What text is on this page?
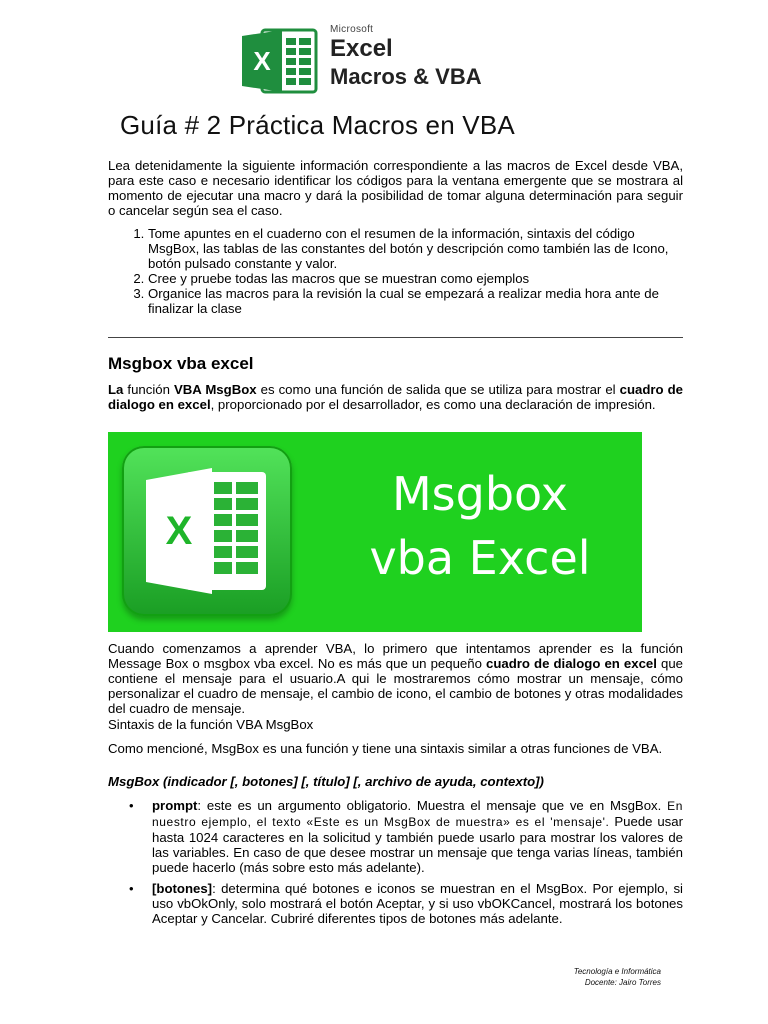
X
Microsoft
Excel
Macros & VBA
Guía # 2 Práctica Macros en VBA
Lea detenidamente la siguiente información correspondiente a las macros de Excel desde VBA, para este caso e necesario identificar los códigos para la ventana emergente que se mostrara al momento de ejecutar una macro y dará la posibilidad de tomar alguna determinación para seguir o cancelar según sea el caso.
1. Tome apuntes en el cuaderno con el resumen de la información, sintaxis del código MsgBox, las tablas de las constantes del botón y descripción como también las de Icono, botón pulsado constante y valor.
2. Cree y pruebe todas las macros que se muestran como ejemplos
3. Organice las macros para la revisión la cual se empezará a realizar media hora ante de finalizar la clase
Msgbox vba excel
La función VBA MsgBox es como una función de salida que se utiliza para mostrar el cuadro de dialogo en excel, proporcionado por el desarrollador, es como una declaración de impresión.
X
Msgbox
vba Excel
Cuando comenzamos a aprender VBA, lo primero que intentamos aprender es la función Message Box o msgbox vba excel. No es más que un pequeño cuadro de dialogo en excel que contiene el mensaje para el usuario.A qui le mostraremos cómo mostrar un mensaje, cómo personalizar el cuadro de mensaje, el cambio de icono, el cambio de botones y otras modalidades del cuadro de mensaje.
Sintaxis de la función VBA MsgBox
Como mencioné, MsgBox es una función y tiene una sintaxis similar a otras funciones de VBA.
MsgBox (indicador [, botones] [, título] [, archivo de ayuda, contexto])
• prompt: este es un argumento obligatorio. Muestra el mensaje que ve en MsgBox. En nuestro ejemplo, el texto «Este es un MsgBox de muestra» es el 'mensaje'. Puede usar hasta 1024 caracteres en la solicitud y también puede usarlo para mostrar los valores de las variables. En caso de que desee mostrar un mensaje que tenga varias líneas, también puede hacerlo (más sobre esto más adelante).
• [botones]: determina qué botones e iconos se muestran en el MsgBox. Por ejemplo, si uso vbOkOnly, solo mostrará el botón Aceptar, y si uso vbOKCancel, mostrará los botones Aceptar y Cancelar. Cubriré diferentes tipos de botones más adelante.
Tecnología e Informática
Docente: Jairo Torres
